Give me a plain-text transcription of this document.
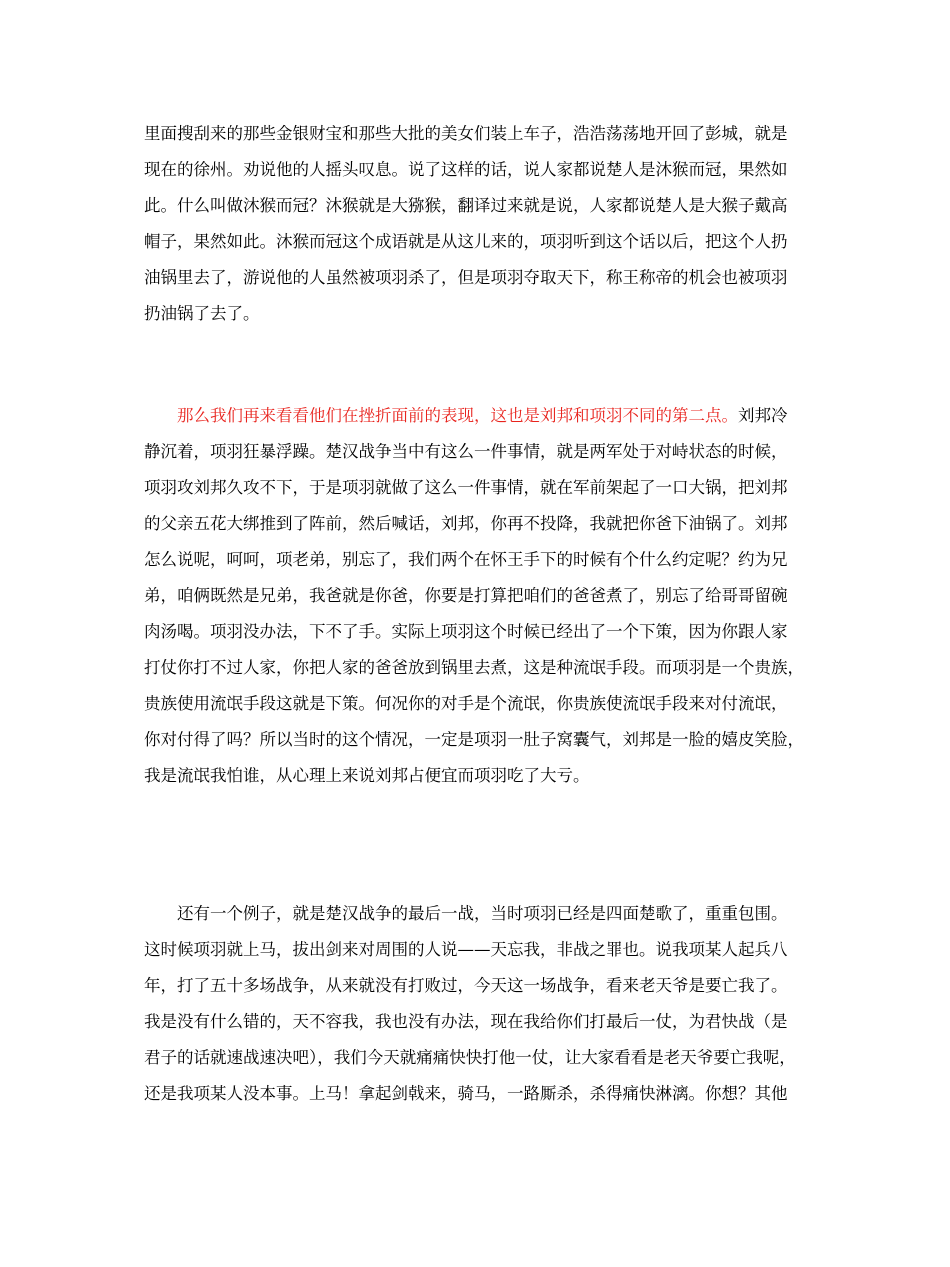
里面搜刮来的那些金银财宝和那些大批的美女们装上车子，浩浩荡荡地开回了彭城，就是
现在的徐州。劝说他的人摇头叹息。说了这样的话，说人家都说楚人是沐猴而冠，果然如
此。什么叫做沐猴而冠？沐猴就是大猕猴，翻译过来就是说，人家都说楚人是大猴子戴高
帽子，果然如此。沐猴而冠这个成语就是从这儿来的，项羽听到这个话以后，把这个人扔
油锅里去了，游说他的人虽然被项羽杀了，但是项羽夺取天下，称王称帝的机会也被项羽
扔油锅了去了。
　　那么我们再来看看他们在挫折面前的表现，这也是刘邦和项羽不同的第二点。刘邦冷
静沉着，项羽狂暴浮躁。楚汉战争当中有这么一件事情，就是两军处于对峙状态的时候，
项羽攻刘邦久攻不下，于是项羽就做了这么一件事情，就在军前架起了一口大锅，把刘邦
的父亲五花大绑推到了阵前，然后喊话，刘邦，你再不投降，我就把你爸下油锅了。刘邦
怎么说呢，呵呵，项老弟，别忘了，我们两个在怀王手下的时候有个什么约定呢？约为兄
弟，咱俩既然是兄弟，我爸就是你爸，你要是打算把咱们的爸爸煮了，别忘了给哥哥留碗
肉汤喝。项羽没办法，下不了手。实际上项羽这个时候已经出了一个下策，因为你跟人家
打仗你打不过人家，你把人家的爸爸放到锅里去煮，这是种流氓手段。而项羽是一个贵族，
贵族使用流氓手段这就是下策。何况你的对手是个流氓，你贵族使流氓手段来对付流氓，
你对付得了吗？所以当时的这个情况，一定是项羽一肚子窝囊气，刘邦是一脸的嬉皮笑脸，
我是流氓我怕谁，从心理上来说刘邦占便宜而项羽吃了大亏。
　　还有一个例子，就是楚汉战争的最后一战，当时项羽已经是四面楚歌了，重重包围。
这时候项羽就上马，拔出剑来对周围的人说——天忘我，非战之罪也。说我项某人起兵八
年，打了五十多场战争，从来就没有打败过，今天这一场战争，看来老天爷是要亡我了。
我是没有什么错的，天不容我，我也没有办法，现在我给你们打最后一仗，为君快战（是
君子的话就速战速决吧），我们今天就痛痛快快打他一仗，让大家看看是老天爷要亡我呢，
还是我项某人没本事。上马！拿起剑戟来，骑马，一路厮杀，杀得痛快淋漓。你想？其他
